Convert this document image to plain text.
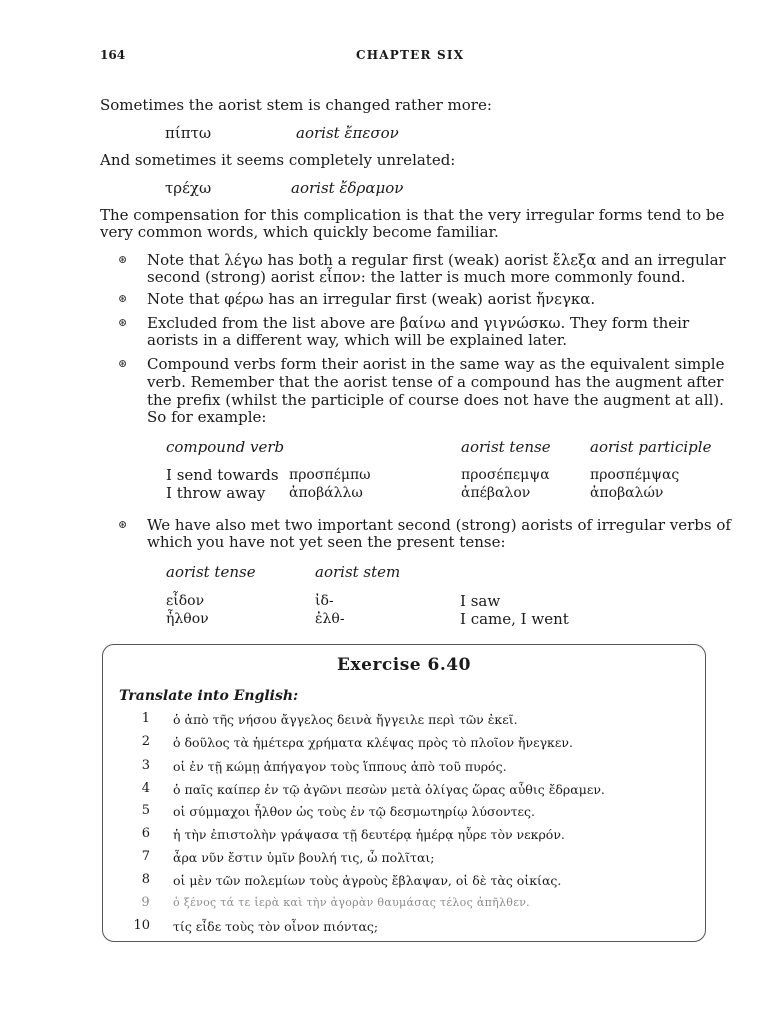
164	CHAPTER SIX
Sometimes the aorist stem is changed rather more:
πίπτω	aorist ἔπεσον
And sometimes it seems completely unrelated:
τρέχω	aorist ἔδραμον
The compensation for this complication is that the very irregular forms tend to be
very common words, which quickly become familiar.
⊛ Note that λέγω has both a regular first (weak) aorist ἔλεξα and an irregular
second (strong) aorist εἶπον: the latter is much more commonly found.
⊛ Note that φέρω has an irregular first (weak) aorist ἤνεγκα.
⊛ Excluded from the list above are βαίνω and γιγνώσκω. They form their
aorists in a different way, which will be explained later.
⊛ Compound verbs form their aorist in the same way as the equivalent simple
verb. Remember that the aorist tense of a compound has the augment after
the prefix (whilst the participle of course does not have the augment at all).
So for example:
compound verb	aorist tense	aorist participle
I send towards προσπέμπω	προσέπεμψα	προσπέμψας
I throw away ἀποβάλλω	ἀπέβαλον	ἀποβαλών
⊛ We have also met two important second (strong) aorists of irregular verbs of
which you have not yet seen the present tense:
aorist tense	aorist stem
εἶδον	ἰδ-	I saw
ἦλθον	ἐλθ-	I came, I went
Exercise 6.40
Translate into English:
1 ὁ ἀπὸ τῆς νήσου ἄγγελος δεινὰ ἤγγειλε περὶ τῶν ἐκεῖ.
2 ὁ δοῦλος τὰ ἡμέτερα χρήματα κλέψας πρὸς τὸ πλοῖον ἤνεγκεν.
3 οἱ ἐν τῇ κώμῃ ἀπήγαγον τοὺς ἵππους ἀπὸ τοῦ πυρός.
4 ὁ παῖς καίπερ ἐν τῷ ἀγῶνι πεσὼν μετὰ ὀλίγας ὥρας αὖθις ἔδραμεν.
5 οἱ σύμμαχοι ἦλθον ὡς τοὺς ἐν τῷ δεσμωτηρίῳ λύσοντες.
6 ἡ τὴν ἐπιστολὴν γράψασα τῇ δευτέρᾳ ἡμέρᾳ ηὗρε τὸν νεκρόν.
7 ἆρα νῦν ἔστιν ὑμῖν βουλή τις, ὦ πολῖται;
8 οἱ μὲν τῶν πολεμίων τοὺς ἀγροὺς ἔβλαψαν, οἱ δὲ τὰς οἰκίας.
9 ὁ ξένος τά τε ἱερὰ καὶ τὴν ἀγορὰν θαυμάσας τέλος ἀπῆλθεν.
10 τίς εἶδε τοὺς τὸν οἶνον πιόντας;
